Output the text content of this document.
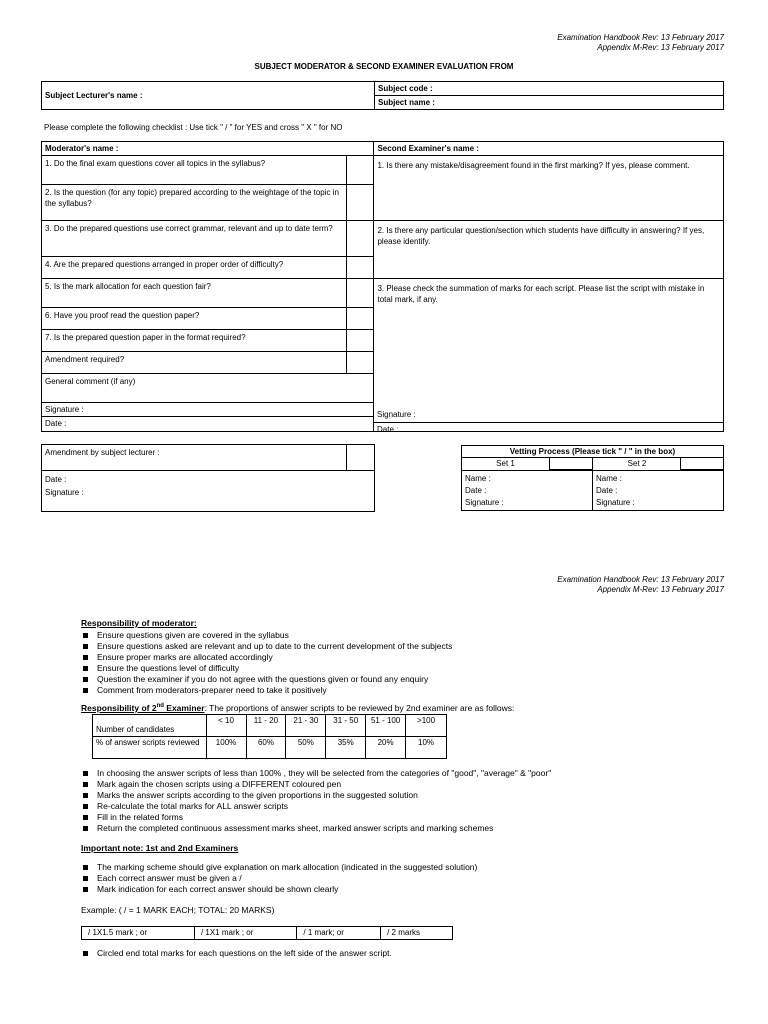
Examination Handbook Rev: 13 February 2017
Appendix M-Rev: 13 February 2017
SUBJECT MODERATOR & SECOND EXAMINER EVALUATION FROM
Subject Lecturer's name :	Subject code :
Subject name :
Please complete the following checklist : Use tick " / " for YES and cross " X " for NO
Moderator's name :		Second Examiner's name :
1. Do the final exam questions cover all topics in the syllabus?		1. Is there any mistake/disagreement found in the first marking? If yes, please comment.
2. Is the question (for any topic) prepared according to the weightage of the topic in the syllabus?		
3. Do the prepared questions use correct grammar, relevant and up to date term?		2. Is there any particular question/section which students have difficulty in answering? If yes, please identify.
4. Are the prepared questions arranged in proper order of difficulty?		
5. Is the mark allocation for each question fair?		3. Please check the summation of marks for each script. Please list the script with mistake in total mark, if any.
6. Have you proof read the question paper?		
7. Is the prepared question paper in the format required?		
Amendment required?		
General comment (if any)		

Signature :
Date :		
Signature :
Date :
Amendment by subject lecturer :
Date :
Signature :
Vetting Process (Please tick " / " in the box)
Set 1	Set 2
Name :
Date :
Signature :
Name :
Date :
Signature :
Examination Handbook Rev: 13 February 2017
Appendix M-Rev: 13 February 2017
Responsibility of moderator:
Ensure questions given are covered in the syllabus
Ensure questions asked are relevant and up to date to the current development of the subjects
Ensure proper marks are allocated accordingly
Ensure the questions level of difficulty
Question the examiner if you do not agree with the questions given or found any enquiry
Comment from moderators-preparer need to take it positively
Responsibility of 2nd Examiner: The proportions of answer scripts to be reviewed by 2nd examiner are as follows:
Number of candidates	< 10	11 - 20	21 - 30	31 - 50	51 - 100	>100
% of answer scripts reviewed	100%	60%	50%	35%	20%	10%
In choosing the answer scripts of less than 100% , they will be selected from the categories of "good", "average" & "poor"
Mark again the chosen scripts using a DIFFERENT coloured pen
Marks the answer scripts according to the given proportions in the suggested solution
Re-calculate the total marks for ALL answer scripts
Fill in the related forms
Return the completed continuous assessment marks sheet, marked answer scripts and marking schemes
Important note: 1st and 2nd Examiners
The marking scheme should give explanation on mark allocation (indicated in the suggested solution)
Each correct answer must be given a /
Mark indication for each correct answer should be shown clearly
Example: ( / = 1 MARK EACH; TOTAL: 20 MARKS)
/ 1X1.5 mark ; or	/ 1X1 mark ; or	/ 1 mark; or	/ 2 marks
Circled end total marks for each questions on the left side of the answer script.
